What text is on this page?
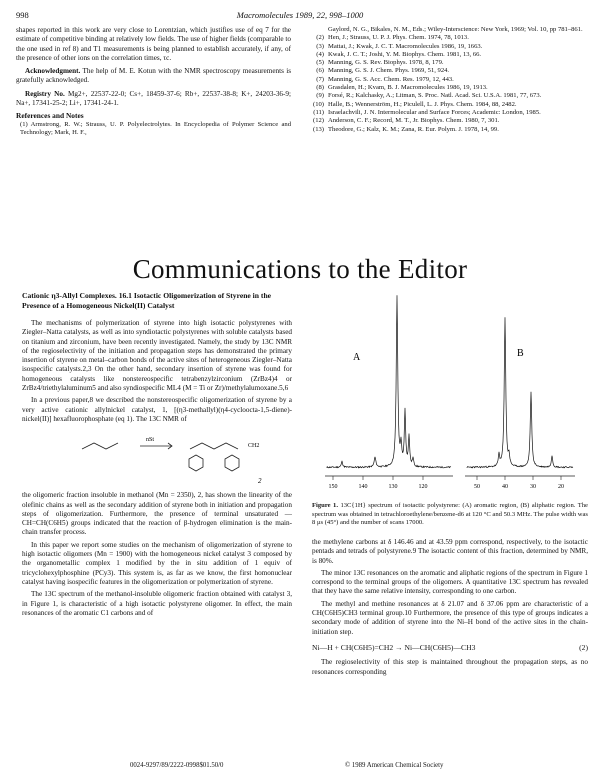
998	Macromolecules 1989, 22, 998–1000

shapes reported in this work are very close to Lorentzian, which justifies use of eq 7 for the estimate of competitive binding at relatively low fields. The use of higher fields (comparable to the one used in ref 8) and T1 measurements is being planned to establish accurately, if any, of the presence of other ions on the correlation times, τc.

Acknowledgment. The help of M. E. Kotun with the NMR spectroscopy measurements is gratefully acknowledged.

Registry No. Mg2+, 22537-22-0; Cs+, 18459-37-6; Rb+, 22537-38-8; K+, 24203-36-9; Na+, 17341-25-2; Li+, 17341-24-1.

References and Notes
(1) Armstrong, R. W.; Strauss, U. P. Polyelectrolytes. In Encyclopedia of Polymer Science and Technology; Mark, H. F.,
Gaylord, N. G., Bikales, N. M., Eds.; Wiley-Interscience: New York, 1969; Vol. 10, pp 781–861.
(2) Hen, J.; Strauss, U. P. J. Phys. Chem. 1974, 78, 1013.
(3) Mattai, J.; Kwak, J. C. T. Macromolecules 1986, 19, 1663.
(4) Kwak, J. C. T.; Joshi, Y. M. Biophys. Chem. 1981, 13, 66.
(5) Manning, G. S. Rev. Biophys. 1978, 8, 179.
(6) Manning, G. S. J. Chem. Phys. 1969, 51, 924.
(7) Manning, G. S. Acc. Chem. Res. 1979, 12, 443.
(8) Grasdalen, H.; Kvam, B. J. Macromolecules 1986, 19, 1913.
(9) Forsé, R.; Kalchasky, A.; Litman, S. Proc. Natl. Acad. Sci. U.S.A. 1981, 77, 673.
(10) Halle, B.; Wennerström, H.; Piculell, L. J. Phys. Chem. 1984, 88, 2482.
(11) Israelachvili, J. N. Intermolecular and Surface Forces; Academic: London, 1985.
(12) Anderson, C. F.; Record, M. T., Jr. Biophys. Chem. 1980, 7, 301.
(13) Theodore, G.; Kalz, K. M.; Zana, R. Eur. Polym. J. 1978, 14, 99.
Communications to the Editor
Cationic η3-Allyl Complexes. 16.1 Isotactic Oligomerization of Styrene in the Presence of a Homogeneous Nickel(II) Catalyst

The mechanisms of polymerization of styrene into high isotactic polystyrenes with Ziegler–Natta catalysts, as well as into syndiotactic polystyrenes with soluble catalysts based on titanium and zirconium, have been recently investigated. Namely, the study by 13C NMR of the regioselectivity of the initiation and propagation steps has demonstrated the primary insertion of styrene on metal–carbon bonds of the active sites of heterogeneous Ziegler–Natta isospecific catalysts.2,3 On the other hand, secondary insertion of styrene was found for homogeneous catalysts like nonstereospecific tetrabenzylzirconium (ZrBz4)4 or ZrBz4/triethylaluminum5 and also syndiospecific ML4 (M = Ti or Zr)/methylalumoxane.5,6

In a previous paper,8 we described the nonstereospecific oligomerization of styrene by a very active cationic allylnickel catalyst, 1, [(η3-methallyl)(η4-cycloocta-1,5-diene)-nickel(II)] hexafluorophosphate (eq 1). The 13C NMR of

nSt
CH2
2

the oligomeric fraction insoluble in methanol (Mn = 2350), 2, has shown the linearity of the olefinic chains as well as the secondary addition of styrene both in initiation and propagation steps of oligomerization. Furthermore, the presence of terminal unsaturated —CH=CH(C6H5) groups indicated that the reaction of β-hydrogen elimination is the main-chain transfer process.

In this paper we report some studies on the mechanism of oligomerization of styrene to high isotactic oligomers (Mn = 1900) with the homogeneous nickel catalyst 3 composed by the organometallic complex 1 modified by the in situ addition of 1 equiv of tricyclohexylphosphine (PCy3). This system is, as far as we know, the first homonuclear catalyst having isospecific features in the oligomerization or polymerization of styrene.

The 13C spectrum of the methanol-insoluble oligomeric fraction obtained with catalyst 3, in Figure 1, is characteristic of a high isotactic polystyrene oligomer. In effect, the main resonances of the aromatic C1 carbons and of

A	B
150	140	130	120	50	40	30	20
Figure 1. 13C{1H} spectrum of isotactic polystyrene: (A) aromatic region, (B) aliphatic region. The spectrum was obtained in tetrachloroethylene/benzene-d6 at 120 °C and 50.3 MHz. The pulse width was 8 μs (45°) and the number of scans 17000.

the methylene carbons at δ 146.46 and at 43.59 ppm correspond, respectively, to the isotactic pentads and tetrads of polystyrene.9 The isotactic content of this fraction, determined by NMR, is 80%.

The minor 13C resonances on the aromatic and aliphatic regions of the spectrum in Figure 1 correspond to the terminal groups of the oligomers. A quantitative 13C spectrum has revealed that they have the same relative intensity, corresponding to one carbon.

The methyl and methine resonances at δ 21.07 and δ 37.06 ppm are characteristic of a CH(C6H5)CH3 terminal group.10 Furthermore, the presence of this type of groups indicates a secondary mode of addition of styrene into the Ni–H bond of the active sites in the chain-initiation step.

Ni—H + CH(C6H5)=CH2 → Ni—CH(C6H5)—CH3	(2)

The regioselectivity of this step is maintained throughout the propagation steps, as no resonances corresponding

0024-9297/89/2222-0998$01.50/0	© 1989 American Chemical Society
